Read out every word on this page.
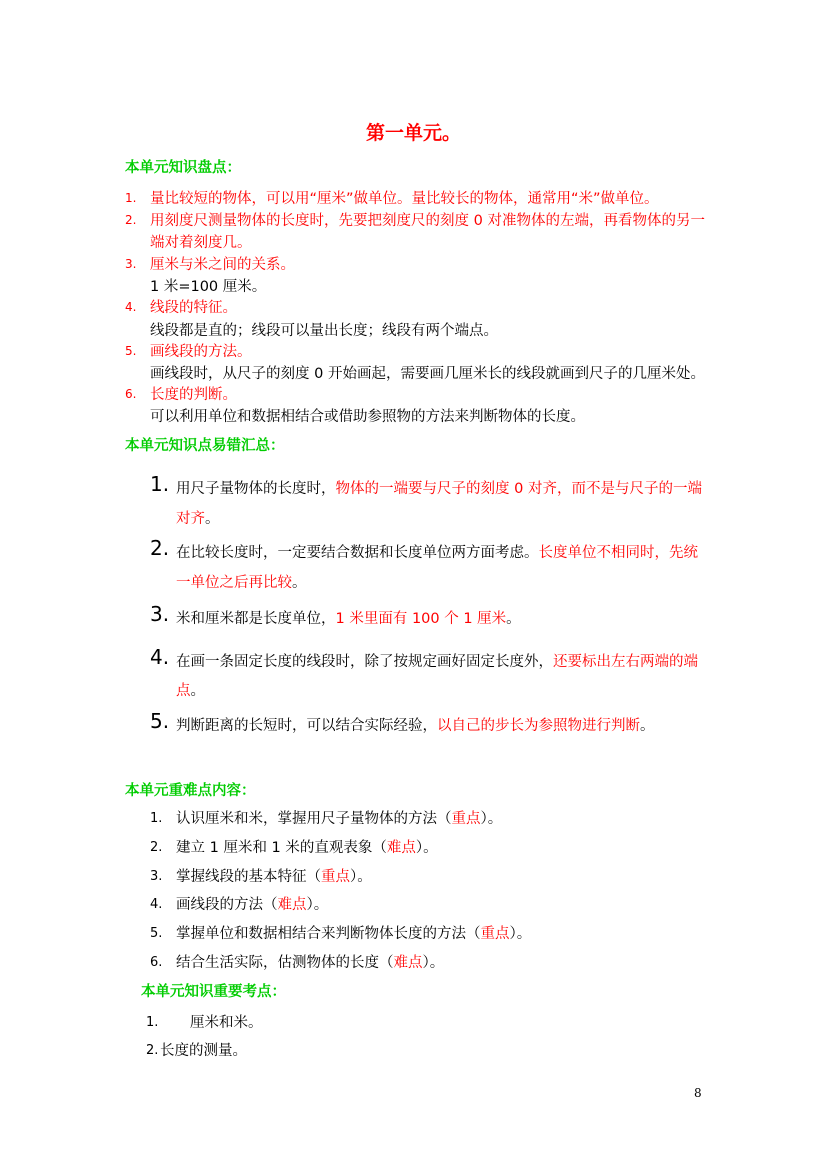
第一单元。
本单元知识盘点：
1. 量比较短的物体，可以用“厘米”做单位。量比较长的物体，通常用“米”做单位。
2. 用刻度尺测量物体的长度时，先要把刻度尺的刻度 0 对准物体的左端，再看物体的另一
端对着刻度几。
3. 厘米与米之间的关系。
1 米=100 厘米。
4. 线段的特征。
线段都是直的；线段可以量出长度；线段有两个端点。
5. 画线段的方法。
画线段时，从尺子的刻度 0 开始画起，需要画几厘米长的线段就画到尺子的几厘米处。
6. 长度的判断。
可以利用单位和数据相结合或借助参照物的方法来判断物体的长度。
本单元知识点易错汇总：
1. 用尺子量物体的长度时，物体的一端要与尺子的刻度 0 对齐，而不是与尺子的一端
对齐。
2. 在比较长度时，一定要结合数据和长度单位两方面考虑。长度单位不相同时，先统
一单位之后再比较。
3. 米和厘米都是长度单位，1 米里面有 100 个 1 厘米。
4. 在画一条固定长度的线段时，除了按规定画好固定长度外，还要标出左右两端的端
点。
5. 判断距离的长短时，可以结合实际经验，以自己的步长为参照物进行判断。
本单元重难点内容：
1. 认识厘米和米，掌握用尺子量物体的方法（重点）。
2. 建立 1 厘米和 1 米的直观表象（难点）。
3. 掌握线段的基本特征（重点）。
4. 画线段的方法（难点）。
5. 掌握单位和数据相结合来判断物体长度的方法（重点）。
6. 结合生活实际，估测物体的长度（难点）。
本单元知识重要考点：
1. 厘米和米。
2. 长度的测量。
8
